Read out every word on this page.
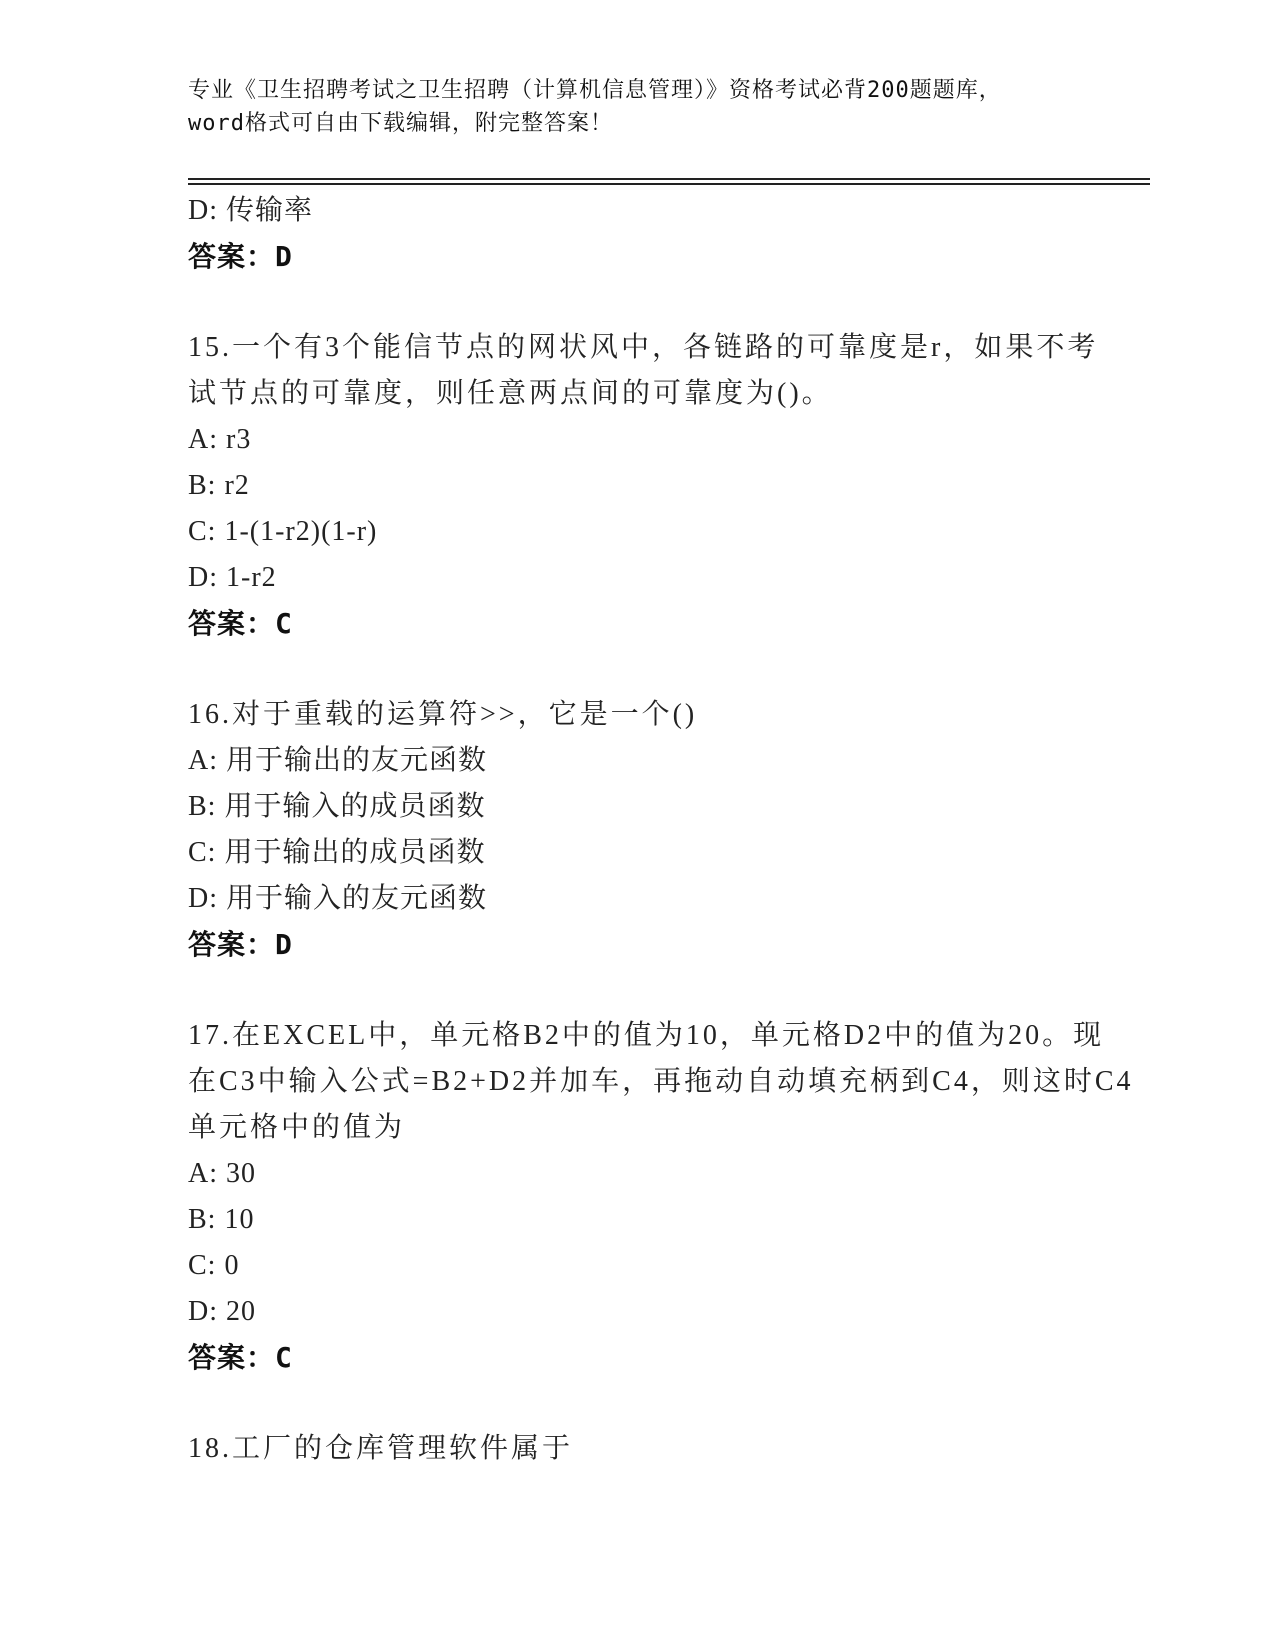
专业《卫生招聘考试之卫生招聘（计算机信息管理）》资格考试必背200题题库，
word格式可自由下载编辑，附完整答案！
D: 传输率
答案：D
15.一个有3个能信节点的网状风中，各链路的可靠度是r，如果不考
试节点的可靠度，则任意两点间的可靠度为()。
A: r3
B: r2
C: 1-(1-r2)(1-r)
D: 1-r2
答案：C
16.对于重载的运算符>>，它是一个()
A: 用于输出的友元函数
B: 用于输入的成员函数
C: 用于输出的成员函数
D: 用于输入的友元函数
答案：D
17.在EXCEL中，单元格B2中的值为10，单元格D2中的值为20。现
在C3中输入公式=B2+D2并加车，再拖动自动填充柄到C4，则这时C4
单元格中的值为
A: 30
B: 10
C: 0
D: 20
答案：C
18.工厂的仓库管理软件属于
